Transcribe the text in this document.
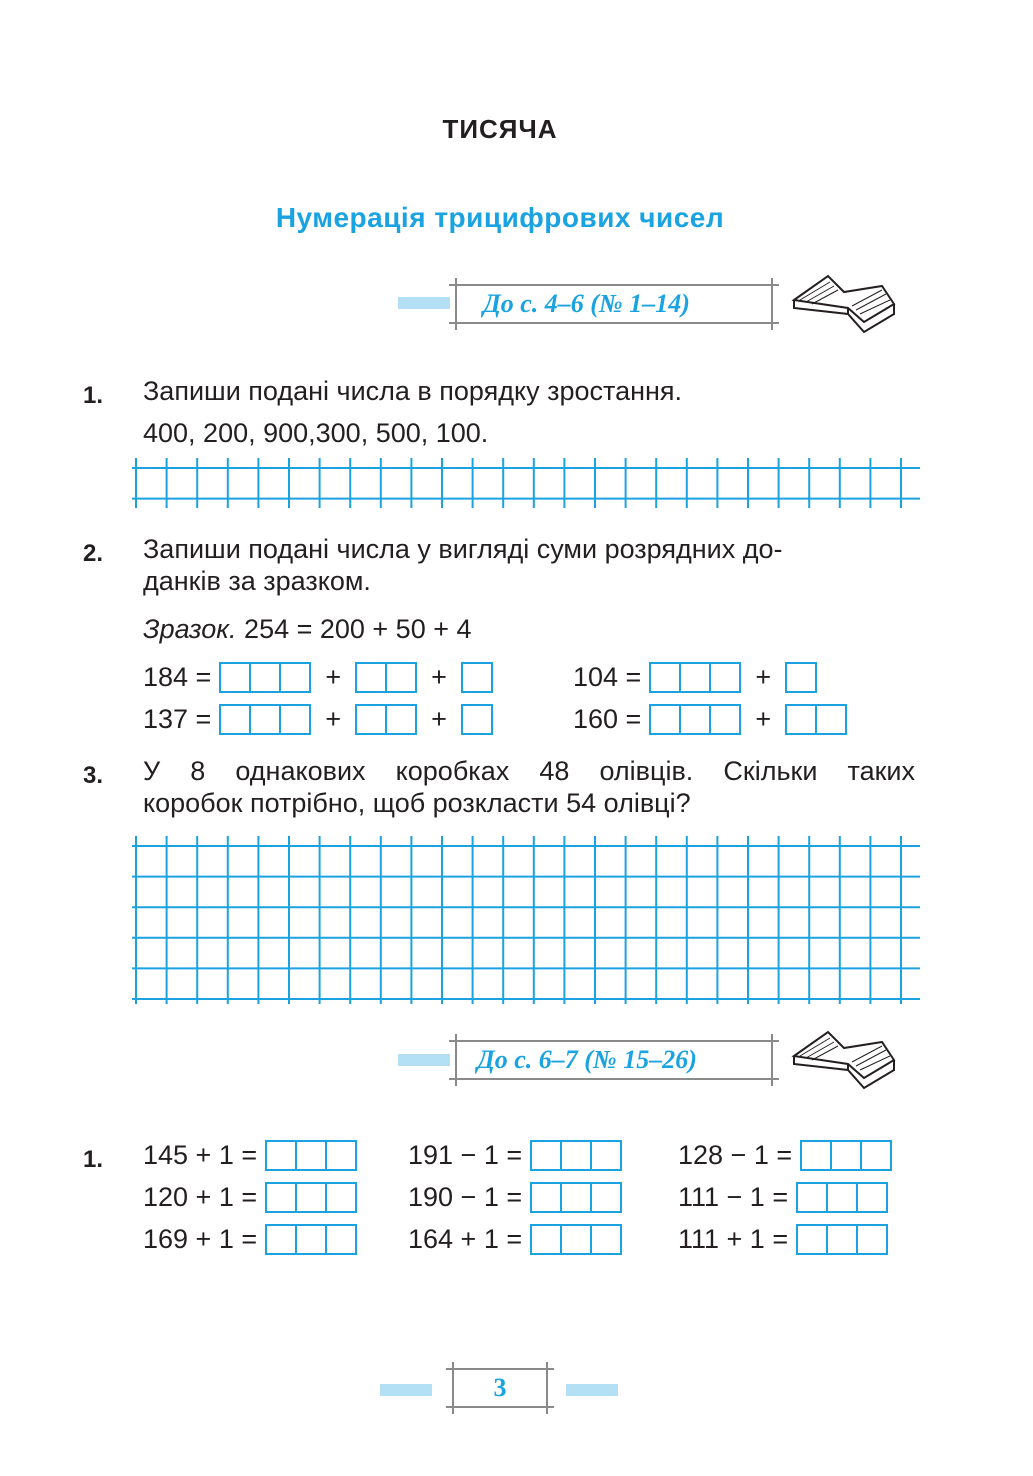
ТИСЯЧА
Нумерація трицифрових чисел
До с. 4–6 (№ 1–14)
1. Запиши подані числа в порядку зростання.
400, 200, 900,300, 500, 100.
2. Запиши подані числа у вигляді суми розрядних до-
данків за зразком.
Зразок. 254 = 200 + 50 + 4
184 =	+	+	104 =	+
137 =	+	+	160 =	+
3. У 8 однакових коробках 48 олівців. Скільки таких
коробок потрібно, щоб розкласти 54 олівці?
До с. 6–7 (№ 15–26)
1. 145 + 1 =	191 − 1 =	128 − 1 =
120 + 1 =	190 − 1 =	111 − 1 =
169 + 1 =	164 + 1 =	111 + 1 =
3
